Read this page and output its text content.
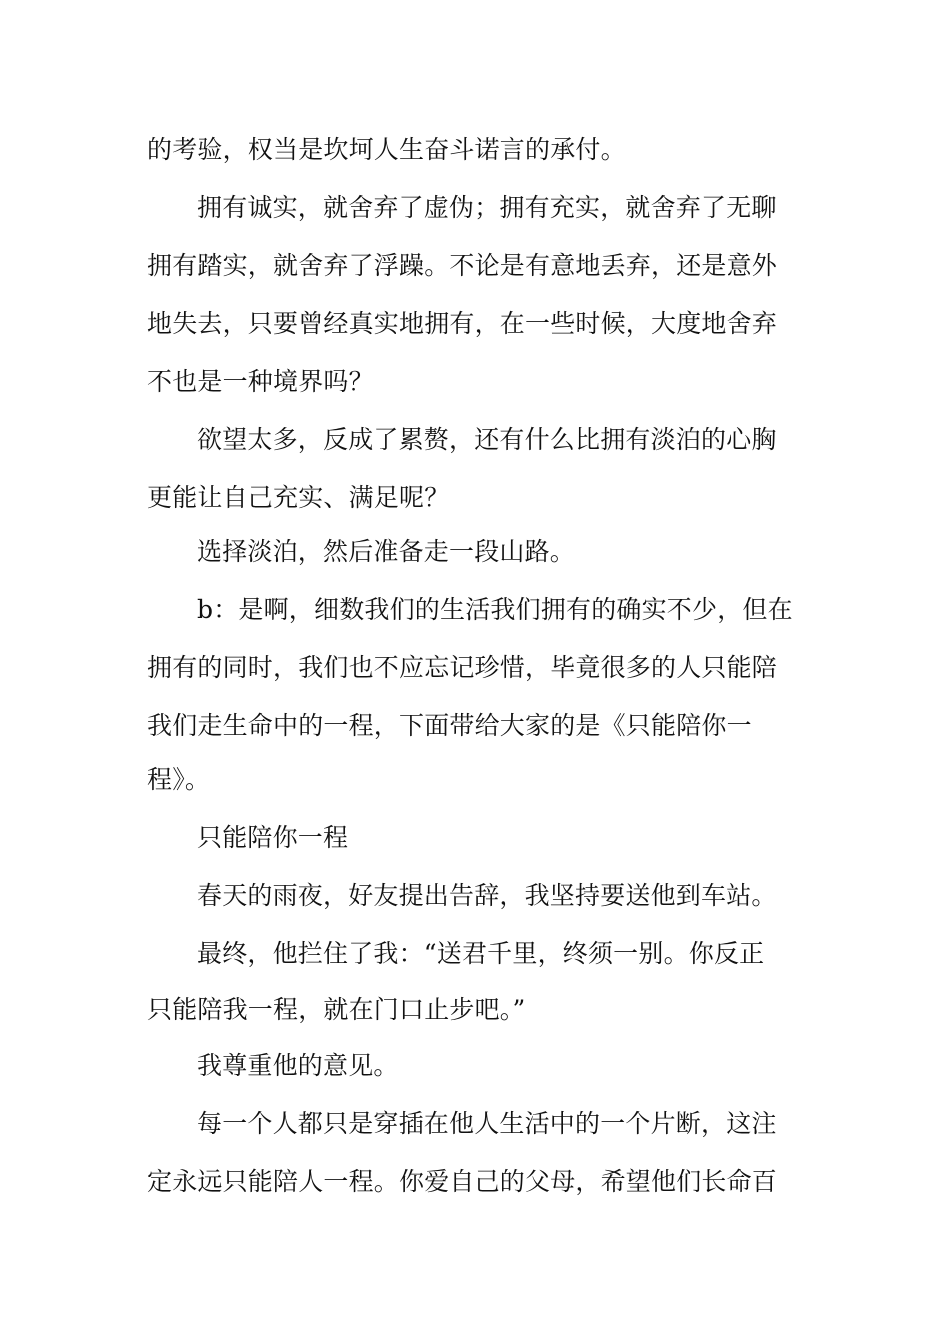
的考验，权当是坎坷人生奋斗诺言的承付。
拥有诚实，就舍弃了虚伪；拥有充实，就舍弃了无聊
拥有踏实，就舍弃了浮躁。不论是有意地丢弃，还是意外
地失去，只要曾经真实地拥有，在一些时候，大度地舍弃
不也是一种境界吗？
欲望太多，反成了累赘，还有什么比拥有淡泊的心胸
更能让自己充实、满足呢？
选择淡泊，然后准备走一段山路。
b：是啊，细数我们的生活我们拥有的确实不少，但在
拥有的同时，我们也不应忘记珍惜，毕竟很多的人只能陪
我们走生命中的一程，下面带给大家的是《只能陪你一
程》。
只能陪你一程
春天的雨夜，好友提出告辞，我坚持要送他到车站。
最终，他拦住了我：“送君千里，终须一别。你反正
只能陪我一程，就在门口止步吧。”
我尊重他的意见。
每一个人都只是穿插在他人生活中的一个片断，这注
定永远只能陪人一程。你爱自己的父母，希望他们长命百
